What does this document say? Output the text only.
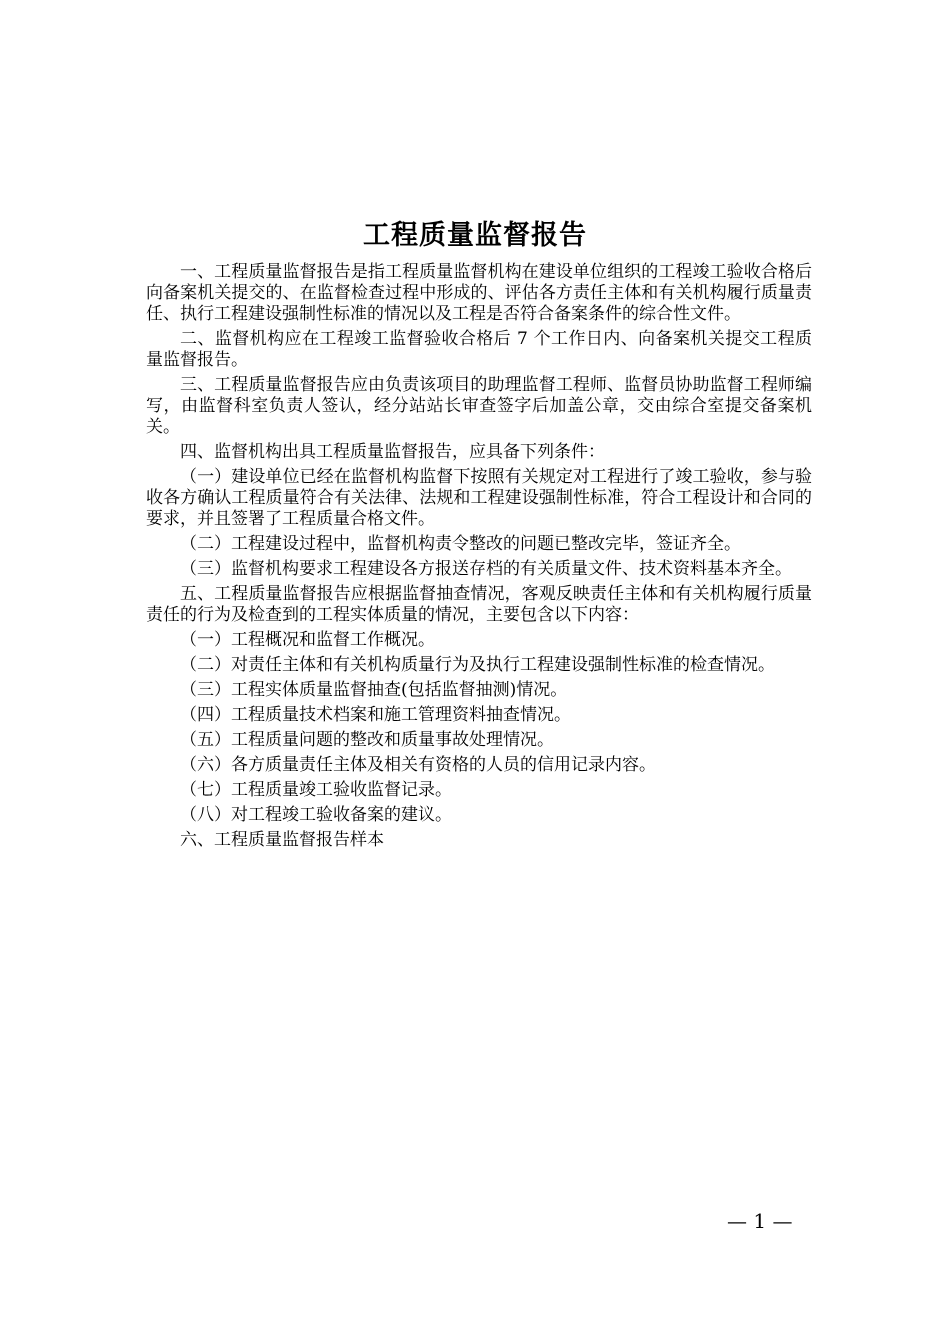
工程质量监督报告

一、工程质量监督报告是指工程质量监督机构在建设单位组织的工程竣工验收合格后向备案机关提交的、在监督检查过程中形成的、评估各方责任主体和有关机构履行质量责任、执行工程建设强制性标准的情况以及工程是否符合备案条件的综合性文件。

二、监督机构应在工程竣工监督验收合格后 7 个工作日内、向备案机关提交工程质量监督报告。

三、工程质量监督报告应由负责该项目的助理监督工程师、监督员协助监督工程师编写，由监督科室负责人签认，经分站站长审查签字后加盖公章，交由综合室提交备案机关。

四、监督机构出具工程质量监督报告，应具备下列条件：

（一）建设单位已经在监督机构监督下按照有关规定对工程进行了竣工验收，参与验收各方确认工程质量符合有关法律、法规和工程建设强制性标准，符合工程设计和合同的要求，并且签署了工程质量合格文件。

（二）工程建设过程中，监督机构责令整改的问题已整改完毕，签证齐全。

（三）监督机构要求工程建设各方报送存档的有关质量文件、技术资料基本齐全。

五、工程质量监督报告应根据监督抽查情况，客观反映责任主体和有关机构履行质量责任的行为及检查到的工程实体质量的情况，主要包含以下内容：

（一）工程概况和监督工作概况。

（二）对责任主体和有关机构质量行为及执行工程建设强制性标准的检查情况。

（三）工程实体质量监督抽查(包括监督抽测)情况。

（四）工程质量技术档案和施工管理资料抽查情况。

（五）工程质量问题的整改和质量事故处理情况。

（六）各方质量责任主体及相关有资格的人员的信用记录内容。

（七）工程质量竣工验收监督记录。

（八）对工程竣工验收备案的建议。

六、工程质量监督报告样本

— 1 —
